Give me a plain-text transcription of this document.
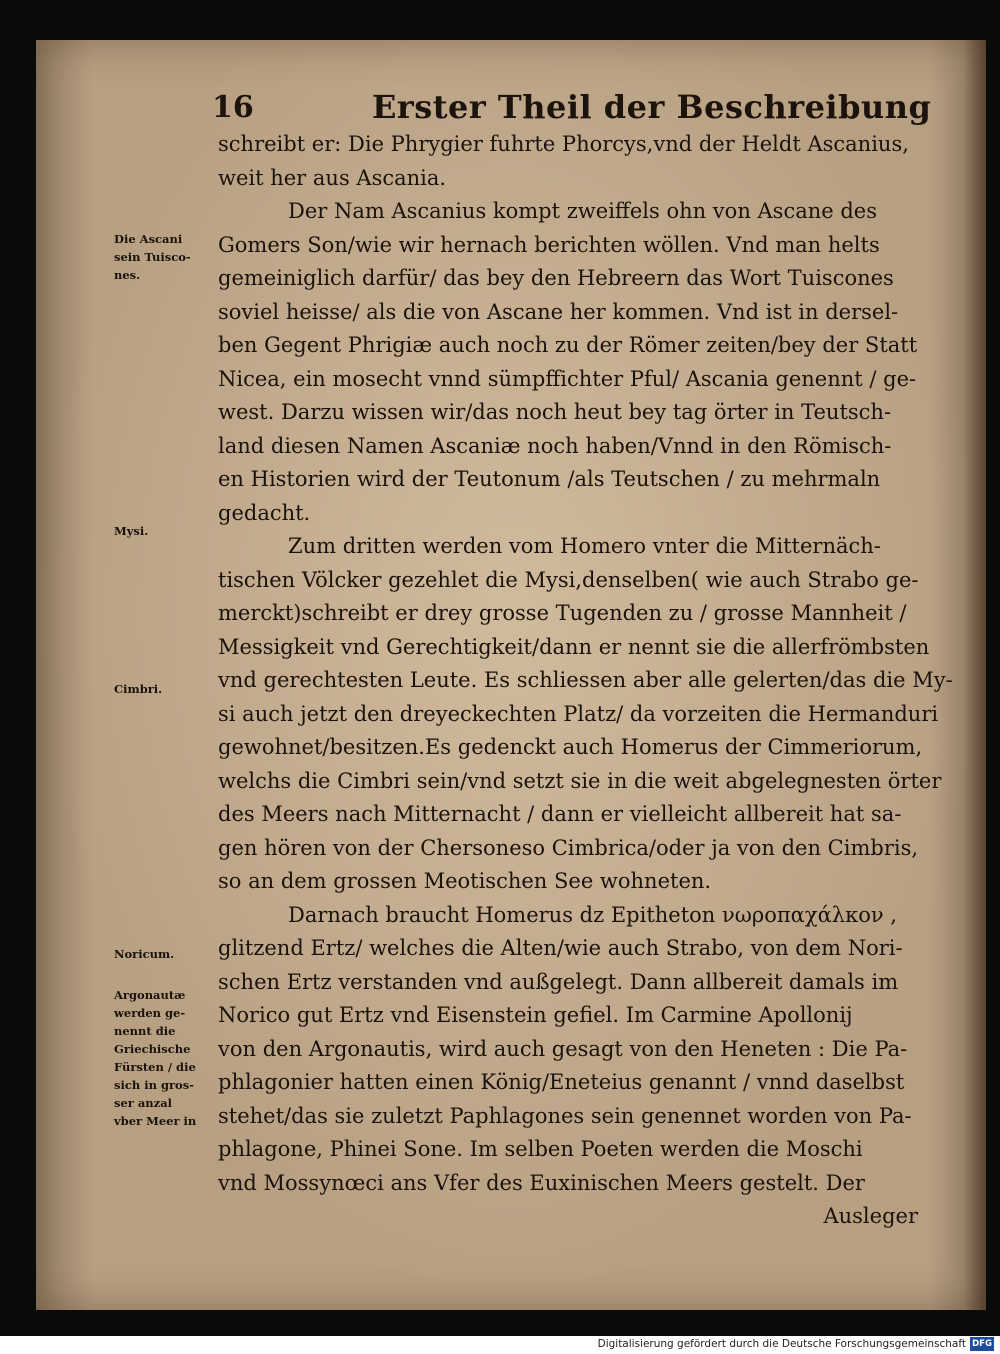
16	Erster Theil der Beschreibung
schreibt er: Die Phrygier fuhrte Phorcys,vnd der Heldt Ascanius,
weit her aus Ascania.
Der Nam Ascanius kompt zweiffels ohn von Ascane des
Gomers Son/wie wir hernach berichten wöllen. Vnd man helts
gemeiniglich darfür/ das bey den Hebreern das Wort Tuiscones
soviel heisse/ als die von Ascane her kommen. Vnd ist in dersel-
ben Gegent Phrigiæ auch noch zu der Römer zeiten/bey der Statt
Nicea, ein mosecht vnnd sümpffichter Pful/ Ascania genennt / ge-
west. Darzu wissen wir/das noch heut bey tag örter in Teutsch-
land diesen Namen Ascaniæ noch haben/Vnnd in den Römisch-
en Historien wird der Teutonum /als Teutschen / zu mehrmaln
gedacht.
Zum dritten werden vom Homero vnter die Mitternäch-
tischen Völcker gezehlet die Mysi,denselben( wie auch Strabo ge-
merckt)schreibt er drey grosse Tugenden zu / grosse Mannheit /
Messigkeit vnd Gerechtigkeit/dann er nennt sie die allerfrömbsten
vnd gerechtesten Leute. Es schliessen aber alle gelerten/das die My-
si auch jetzt den dreyeckechten Platz/ da vorzeiten die Hermanduri
gewohnet/besitzen.Es gedenckt auch Homerus der Cimmeriorum,
welchs die Cimbri sein/vnd setzt sie in die weit abgelegnesten örter
des Meers nach Mitternacht / dann er vielleicht allbereit hat sa-
gen hören von der Chersoneso Cimbrica/oder ja von den Cimbris,
so an dem grossen Meotischen See wohneten.
Darnach braucht Homerus dz Epitheton νωροπαχάλκον ,
glitzend Ertz/ welches die Alten/wie auch Strabo, von dem Nori-
schen Ertz verstanden vnd außgelegt. Dann allbereit damals im
Norico gut Ertz vnd Eisenstein gefiel. Im Carmine Apollonij
von den Argonautis, wird auch gesagt von den Heneten : Die Pa-
phlagonier hatten einen König/Eneteius genannt / vnnd daselbst
stehet/das sie zuletzt Paphlagones sein genennet worden von Pa-
phlagone, Phinei Sone. Im selben Poeten werden die Moschi
vnd Mossynœci ans Vfer des Euxinischen Meers gestelt. Der
Ausleger
Die Ascani
sein Tuisco-
nes.
Mysi.
Cimbri.
Noricum.
Argonautæ
werden ge-
nennt die
Griechische
Fürsten / die
sich in gros-
ser anzal
vber Meer in
Digitalisierung gefördert durch die Deutsche Forschungsgemeinschaft DFG
